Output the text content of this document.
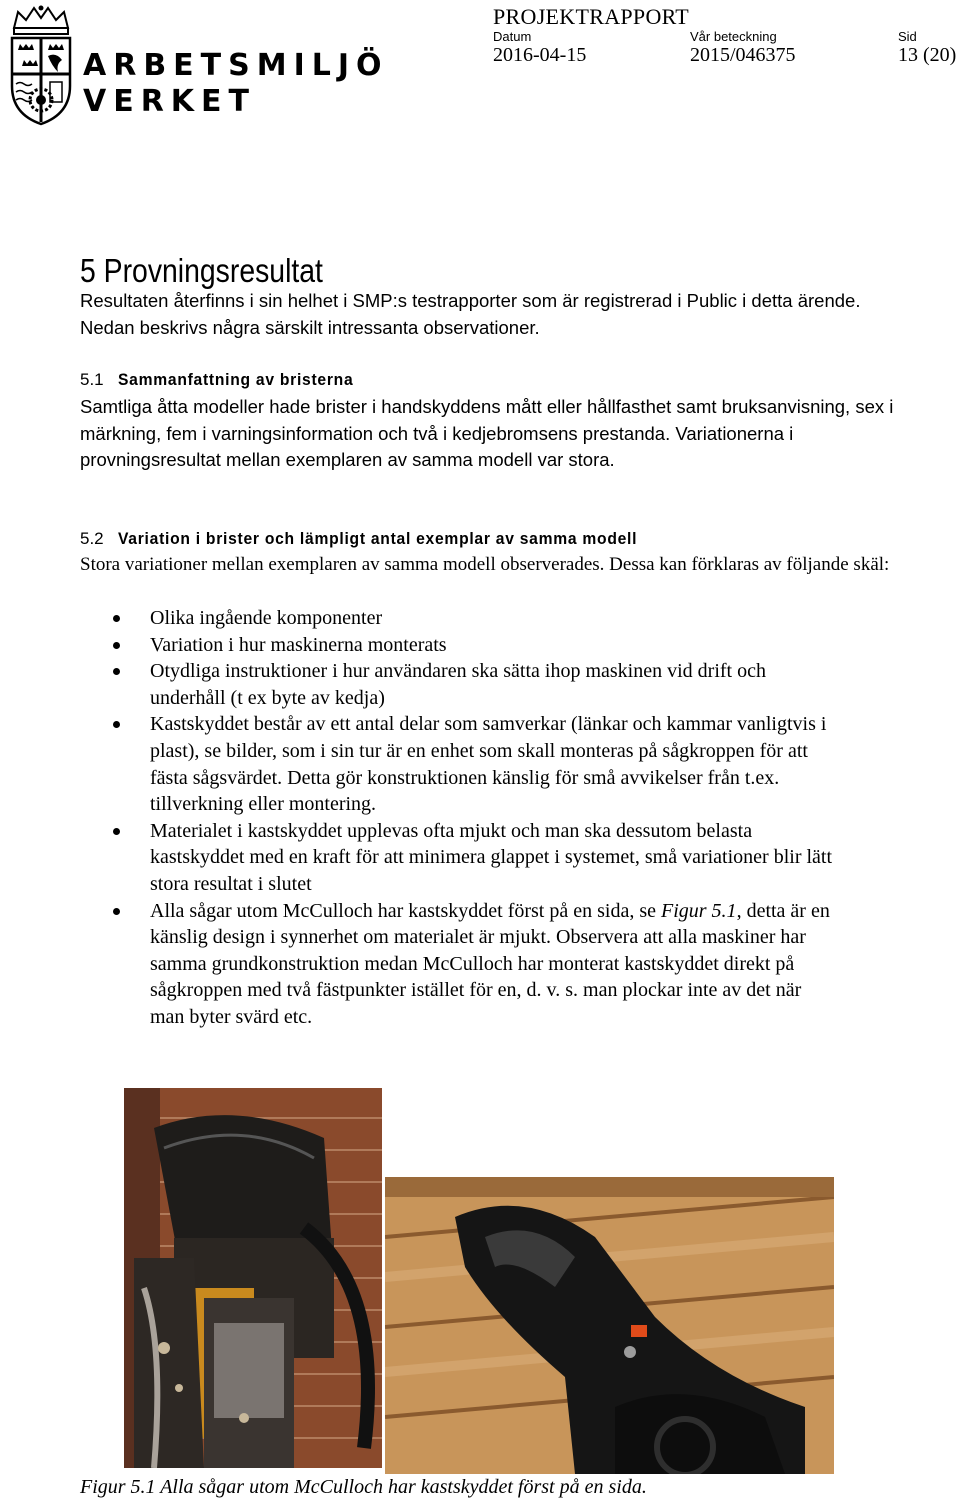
ARBETSMILJÖ
VERKET
PROJEKTRAPPORT
Datum
2016-04-15
Vår beteckning
2015/046375
Sid
13 (20)
5 Provningsresultat
Resultaten återfinns i sin helhet i SMP:s testrapporter som är registrerad i Public i detta ärende. Nedan beskrivs några särskilt intressanta observationer.
5.1 Sammanfattning av bristerna
Samtliga åtta modeller hade brister i handskyddens mått eller hållfasthet samt bruksanvisning, sex i märkning, fem i varningsinformation och två i kedjebromsens prestanda. Variationerna i provningsresultat mellan exemplaren av samma modell var stora.
5.2 Variation i brister och lämpligt antal exemplar av samma modell
Stora variationer mellan exemplaren av samma modell observerades. Dessa kan förklaras av följande skäl:
Olika ingående komponenter
Variation i hur maskinerna monterats
Otydliga instruktioner i hur användaren ska sätta ihop maskinen vid drift och underhåll (t ex byte av kedja)
Kastskyddet består av ett antal delar som samverkar (länkar och kammar vanligtvis i plast), se bilder, som i sin tur är en enhet som skall monteras på sågkroppen för att fästa sågsvärdet. Detta gör konstruktionen känslig för små avvikelser från t.ex. tillverkning eller montering.
Materialet i kastskyddet upplevas ofta mjukt och man ska dessutom belasta kastskyddet med en kraft för att minimera glappet i systemet, små variationer blir lätt stora resultat i slutet
Alla sågar utom McCulloch har kastskyddet först på en sida, se Figur 5.1, detta är en känslig design i synnerhet om materialet är mjukt. Observera att alla maskiner har samma grundkonstruktion medan McCulloch har monterat kastskyddet direkt på sågkroppen med två fästpunkter istället för en, d. v. s. man plockar inte av det när man byter svärd etc.
Figur 5.1 Alla sågar utom McCulloch har kastskyddet först på en sida.
